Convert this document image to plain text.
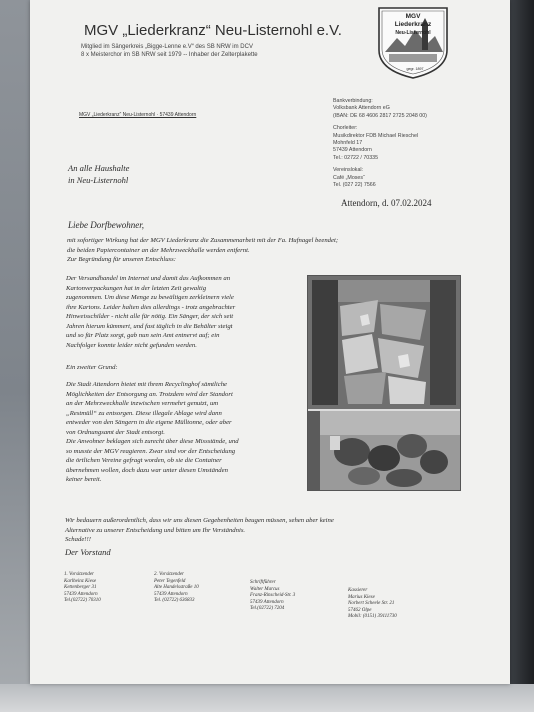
MGV „Liederkranz“ Neu-Listernohl e.V.
Mitglied im Sängerkreis „Bigge-Lenne e.V“ des SB NRW im DCV
8 x Meisterchor im SB NRW seit 1979 -- Inhaber der Zelterplakette
MGV
Liederkranz
Neu-Listernohl
gegr. 1897
MGV „Liederkranz“ Neu-Listernohl · 57439 Attendorn
Bankverbindung:
Volksbank Attendorn eG
(IBAN: DE 68 4606 2817 2725 2048 00)
Chorleiter:
Musikdirektor FDB Michael Rieschel
Mohnfeld 17
57439 Attendorn
Tel.: 02722 / 70335
Vereinslokal:
Café „Moses“
Tel. (027 22) 7566
An alle Haushalte
in Neu-Listernohl
Attendorn, d. 07.02.2024
Liebe Dorfbewohner,
mit sofortiger Wirkung hat der MGV Liederkranz die Zusammenarbeit mit der Fa. Hufnagel beendet;
die beiden Papiercontainer an der Mehrzweckhalle werden entfernt.
Zur Begründung für unseren Entschluss:
Der Versandhandel im Internet und damit das Aufkommen an
Kartonverpackungen hat in der letzten Zeit gewaltig
zugenommen. Um diese Menge zu bewältigen zerkleinern viele
ihre Kartons. Leider halten dies allerdings - trotz angebrachter
Hinweisschilder - nicht alle für nötig. Ein Sänger, der sich seit
Jahren hierum kümmert, und fast täglich in die Behälter steigt
und so für Platz sorgt, gab nun sein Amt entnervt auf; ein
Nachfolger konnte leider nicht gefunden werden.
Ein zweiter Grund:
Die Stadt Attendorn bietet mit ihrem Recyclinghof sämtliche
Möglichkeiten der Entsorgung an. Trotzdem wird der Standort
an der Mehrzweckhalle inzwischen vermehrt genutzt, um
„Restmüll“ zu entsorgen. Diese illegale Ablage wird dann
entweder von den Sängern in die eigene Mülltonne, oder aber
von Ordnungsamt der Stadt entsorgt.
Die Anwohner beklagen sich zurecht über diese Missstände, und
so musste der MGV reagieren. Zwar sind vor der Entscheidung
die örtlichen Vereine gefragt worden, ob sie die Container
übernehmen wollen, doch dazu war unter diesen Umständen
keiner bereit.
Wir bedauern außerordentlich, dass wir uns diesen Gegebenheiten beugen müssen, sehen aber keine
Alternative zu unserer Entscheidung und bitten um Ihr Verständnis.
Schade!!!
Der Vorstand
1. Vorsitzender
Karlheinz Kiese
Kettenberger 31
57439 Attendorn
Tel.(02722) 70310
2. Vorsitzender
Peter Tegenfeld
Alte Handelsstraße 10
57439 Attendorn
Tel. (02722) 636833
Schriftführer
Walter Marcus
Franz-Rinscheid-Str. 3
57439 Attendorn
Tel.(02722) 7204
Kassierer
Marius Kiese
Norbert Scheele Str. 21
57462 Olpe
Mobil: (0151) 39111730
